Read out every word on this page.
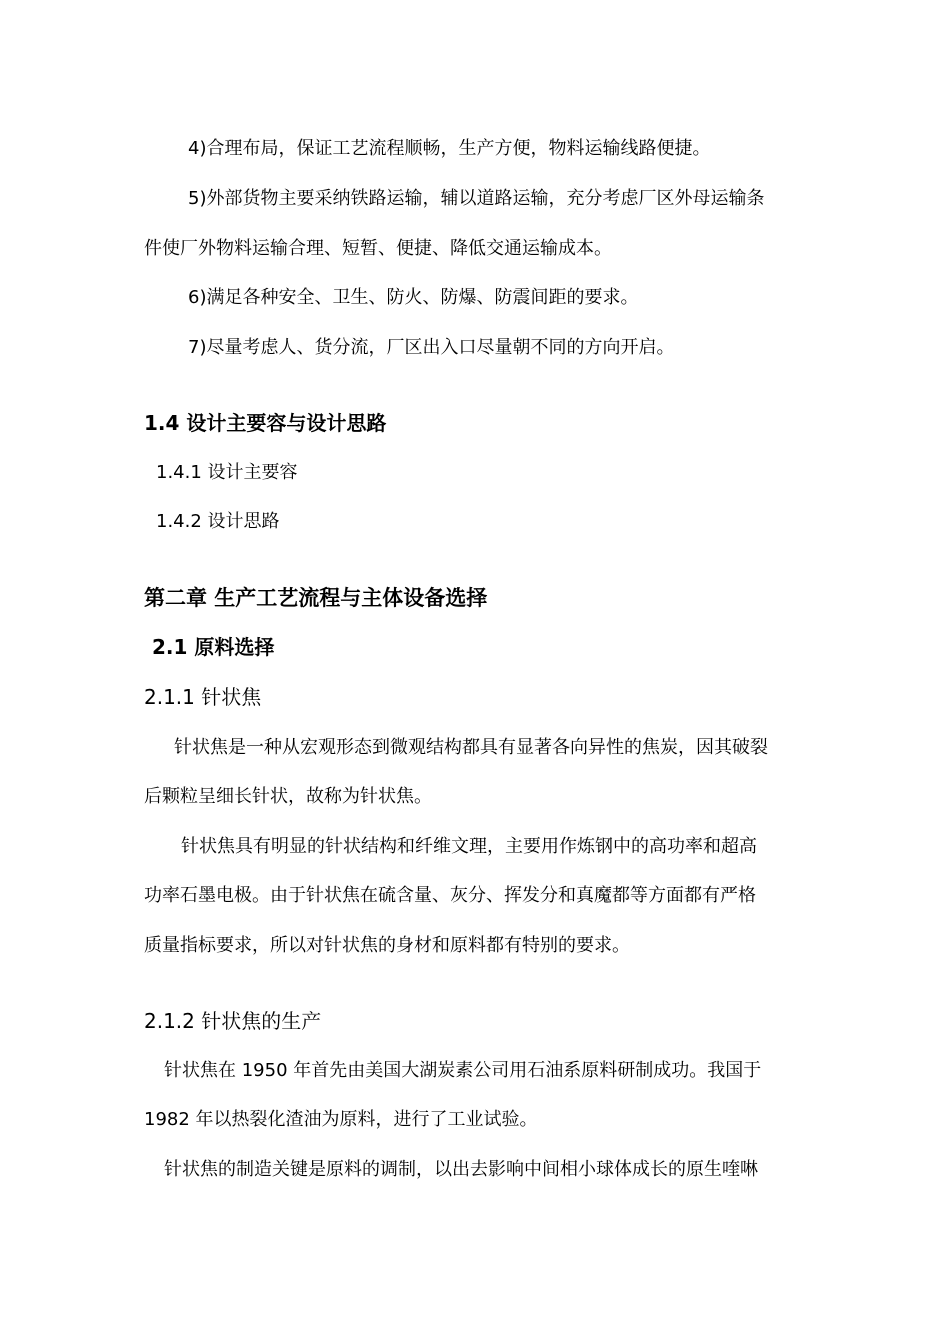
4)合理布局，保证工艺流程顺畅，生产方便，物料运输线路便捷。
5)外部货物主要采纳铁路运输，辅以道路运输，充分考虑厂区外母运输条
件使厂外物料运输合理、短暂、便捷、降低交通运输成本。
6)满足各种安全、卫生、防火、防爆、防震间距的要求。
7)尽量考虑人、货分流，厂区出入口尽量朝不同的方向开启。
1.4 设计主要容与设计思路
1.4.1 设计主要容
1.4.2 设计思路
第二章 生产工艺流程与主体设备选择
2.1 原料选择
2.1.1 针状焦
针状焦是一种从宏观形态到微观结构都具有显著各向异性的焦炭，因其破裂
后颗粒呈细长针状，故称为针状焦。
针状焦具有明显的针状结构和纤维文理，主要用作炼钢中的高功率和超高
功率石墨电极。由于针状焦在硫含量、灰分、挥发分和真魔都等方面都有严格
质量指标要求，所以对针状焦的身材和原料都有特别的要求。
2.1.2 针状焦的生产
针状焦在 1950 年首先由美国大湖炭素公司用石油系原料研制成功。我国于
1982 年以热裂化渣油为原料，进行了工业试验。
针状焦的制造关键是原料的调制，以出去影响中间相小球体成长的原生喹啉
